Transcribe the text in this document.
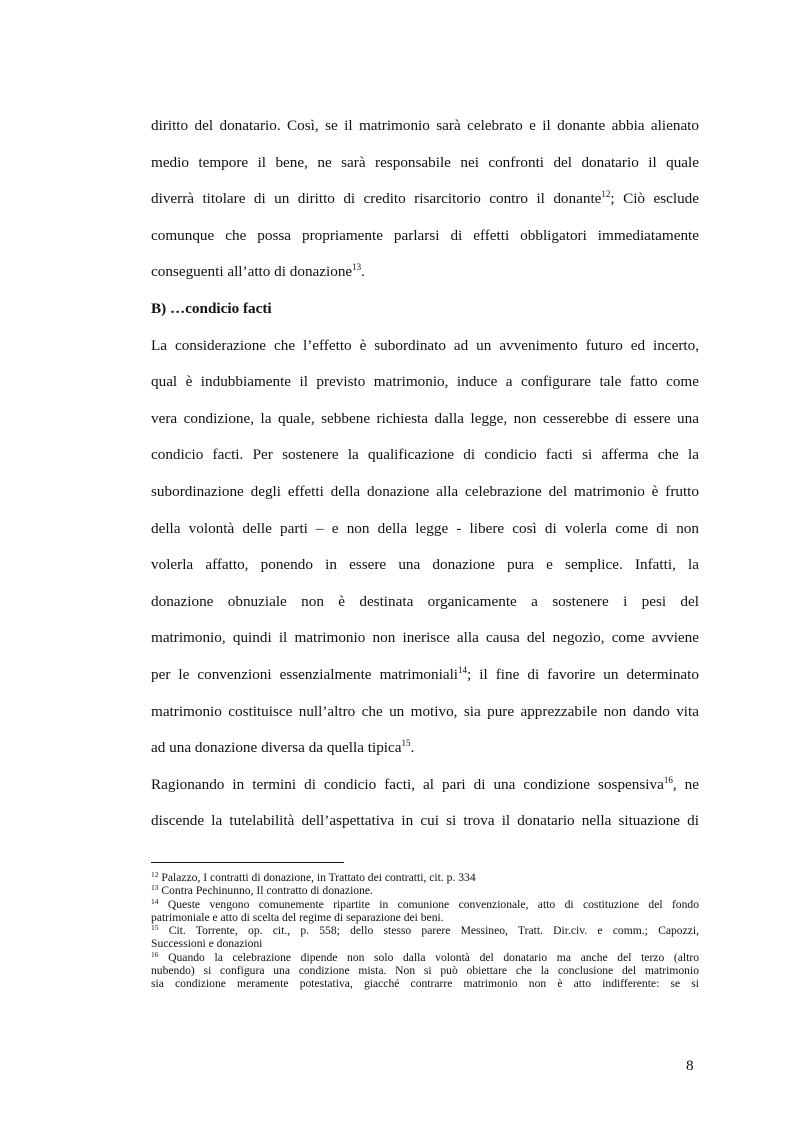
diritto del donatario. Così, se il matrimonio sarà celebrato e il donante abbia alienato
medio tempore il bene, ne sarà responsabile nei confronti del donatario il quale
diverrà titolare di un diritto di credito risarcitorio contro il donante$^{12}$; Ciò esclude
comunque che possa propriamente parlarsi di effetti obbligatori immediatamente
conseguenti all’atto di donazione$^{13}$.
B) …condicio facti
La considerazione che l’effetto è subordinato ad un avvenimento futuro ed incerto,
qual è indubbiamente il previsto matrimonio, induce a configurare tale fatto come
vera condizione, la quale, sebbene richiesta dalla legge, non cesserebbe di essere una
condicio facti. Per sostenere la qualificazione di condicio facti si afferma che la
subordinazione degli effetti della donazione alla celebrazione del matrimonio è frutto
della volontà delle parti – e non della legge - libere così di volerla come di non
volerla affatto, ponendo in essere una donazione pura e semplice. Infatti, la
donazione obnuziale non è destinata organicamente a sostenere i pesi del
matrimonio, quindi il matrimonio non inerisce alla causa del negozio, come avviene
per le convenzioni essenzialmente matrimoniali$^{14}$; il fine di favorire un determinato
matrimonio costituisce null’altro che un motivo, sia pure apprezzabile non dando vita
ad una donazione diversa da quella tipica$^{15}$.
Ragionando in termini di condicio facti, al pari di una condizione sospensiva$^{16}$, ne
discende la tutelabilità dell’aspettativa in cui si trova il donatario nella situazione di
$^{12}$ Palazzo, I contratti di donazione, in Trattato dei contratti, cit. p. 334
$^{13}$ Contra Pechinunno, Il contratto di donazione.
$^{14}$ Queste vengono comunemente ripartite in comunione convenzionale, atto di costituzione del fondo
patrimoniale e atto di scelta del regime di separazione dei beni.
$^{15}$ Cit. Torrente, op. cit., p. 558; dello stesso parere Messineo, Tratt. Dir.civ. e comm.; Capozzi,
Successioni e donazioni
$^{16}$ Quando la celebrazione dipende non solo dalla volontà del donatario ma anche del terzo (altro
nubendo) si configura una condizione mista. Non si può obiettare che la conclusione del matrimonio
sia condizione meramente potestativa, giacché contrarre matrimonio non è atto indifferente: se si
8
